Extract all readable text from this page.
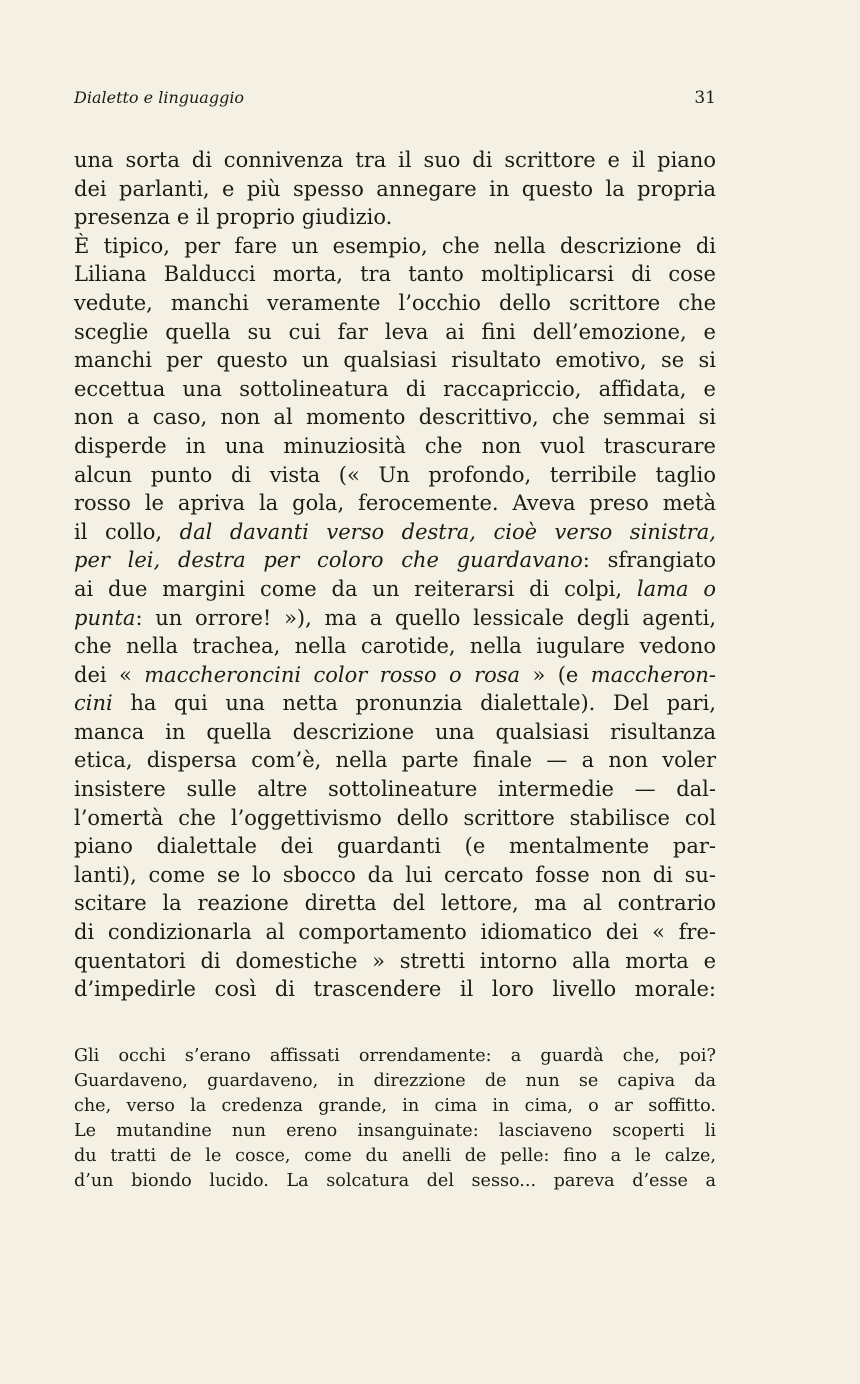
Dialetto e linguaggio	31
una sorta di connivenza tra il suo di scrittore e il piano
dei parlanti, e più spesso annegare in questo la propria
presenza e il proprio giudizio.
È tipico, per fare un esempio, che nella descrizione di
Liliana Balducci morta, tra tanto moltiplicarsi di cose
vedute, manchi veramente l’occhio dello scrittore che
sceglie quella su cui far leva ai fini dell’emozione, e
manchi per questo un qualsiasi risultato emotivo, se si
eccettua una sottolineatura di raccapriccio, affidata, e
non a caso, non al momento descrittivo, che semmai si
disperde in una minuziosità che non vuol trascurare
alcun punto di vista (« Un profondo, terribile taglio
rosso le apriva la gola, ferocemente. Aveva preso metà
il collo, dal davanti verso destra, cioè verso sinistra,
per lei, destra per coloro che guardavano: sfrangiato
ai due margini come da un reiterarsi di colpi, lama o
punta: un orrore! »), ma a quello lessicale degli agenti,
che nella trachea, nella carotide, nella iugulare vedono
dei « maccheroncini color rosso o rosa » (e maccheron-
cini ha qui una netta pronunzia dialettale). Del pari,
manca in quella descrizione una qualsiasi risultanza
etica, dispersa com’è, nella parte finale — a non voler
insistere sulle altre sottolineature intermedie — dal-
l’omertà che l’oggettivismo dello scrittore stabilisce col
piano dialettale dei guardanti (e mentalmente par-
lanti), come se lo sbocco da lui cercato fosse non di su-
scitare la reazione diretta del lettore, ma al contrario
di condizionarla al comportamento idiomatico dei « fre-
quentatori di domestiche » stretti intorno alla morta e
d’impedirle così di trascendere il loro livello morale:
Gli occhi s’erano affissati orrendamente: a guardà che, poi?
Guardaveno, guardaveno, in direzzione de nun se capiva da
che, verso la credenza grande, in cima in cima, o ar soffitto.
Le mutandine nun ereno insanguinate: lasciaveno scoperti li
du tratti de le cosce, come du anelli de pelle: fino a le calze,
d’un biondo lucido. La solcatura del sesso... pareva d’esse a
